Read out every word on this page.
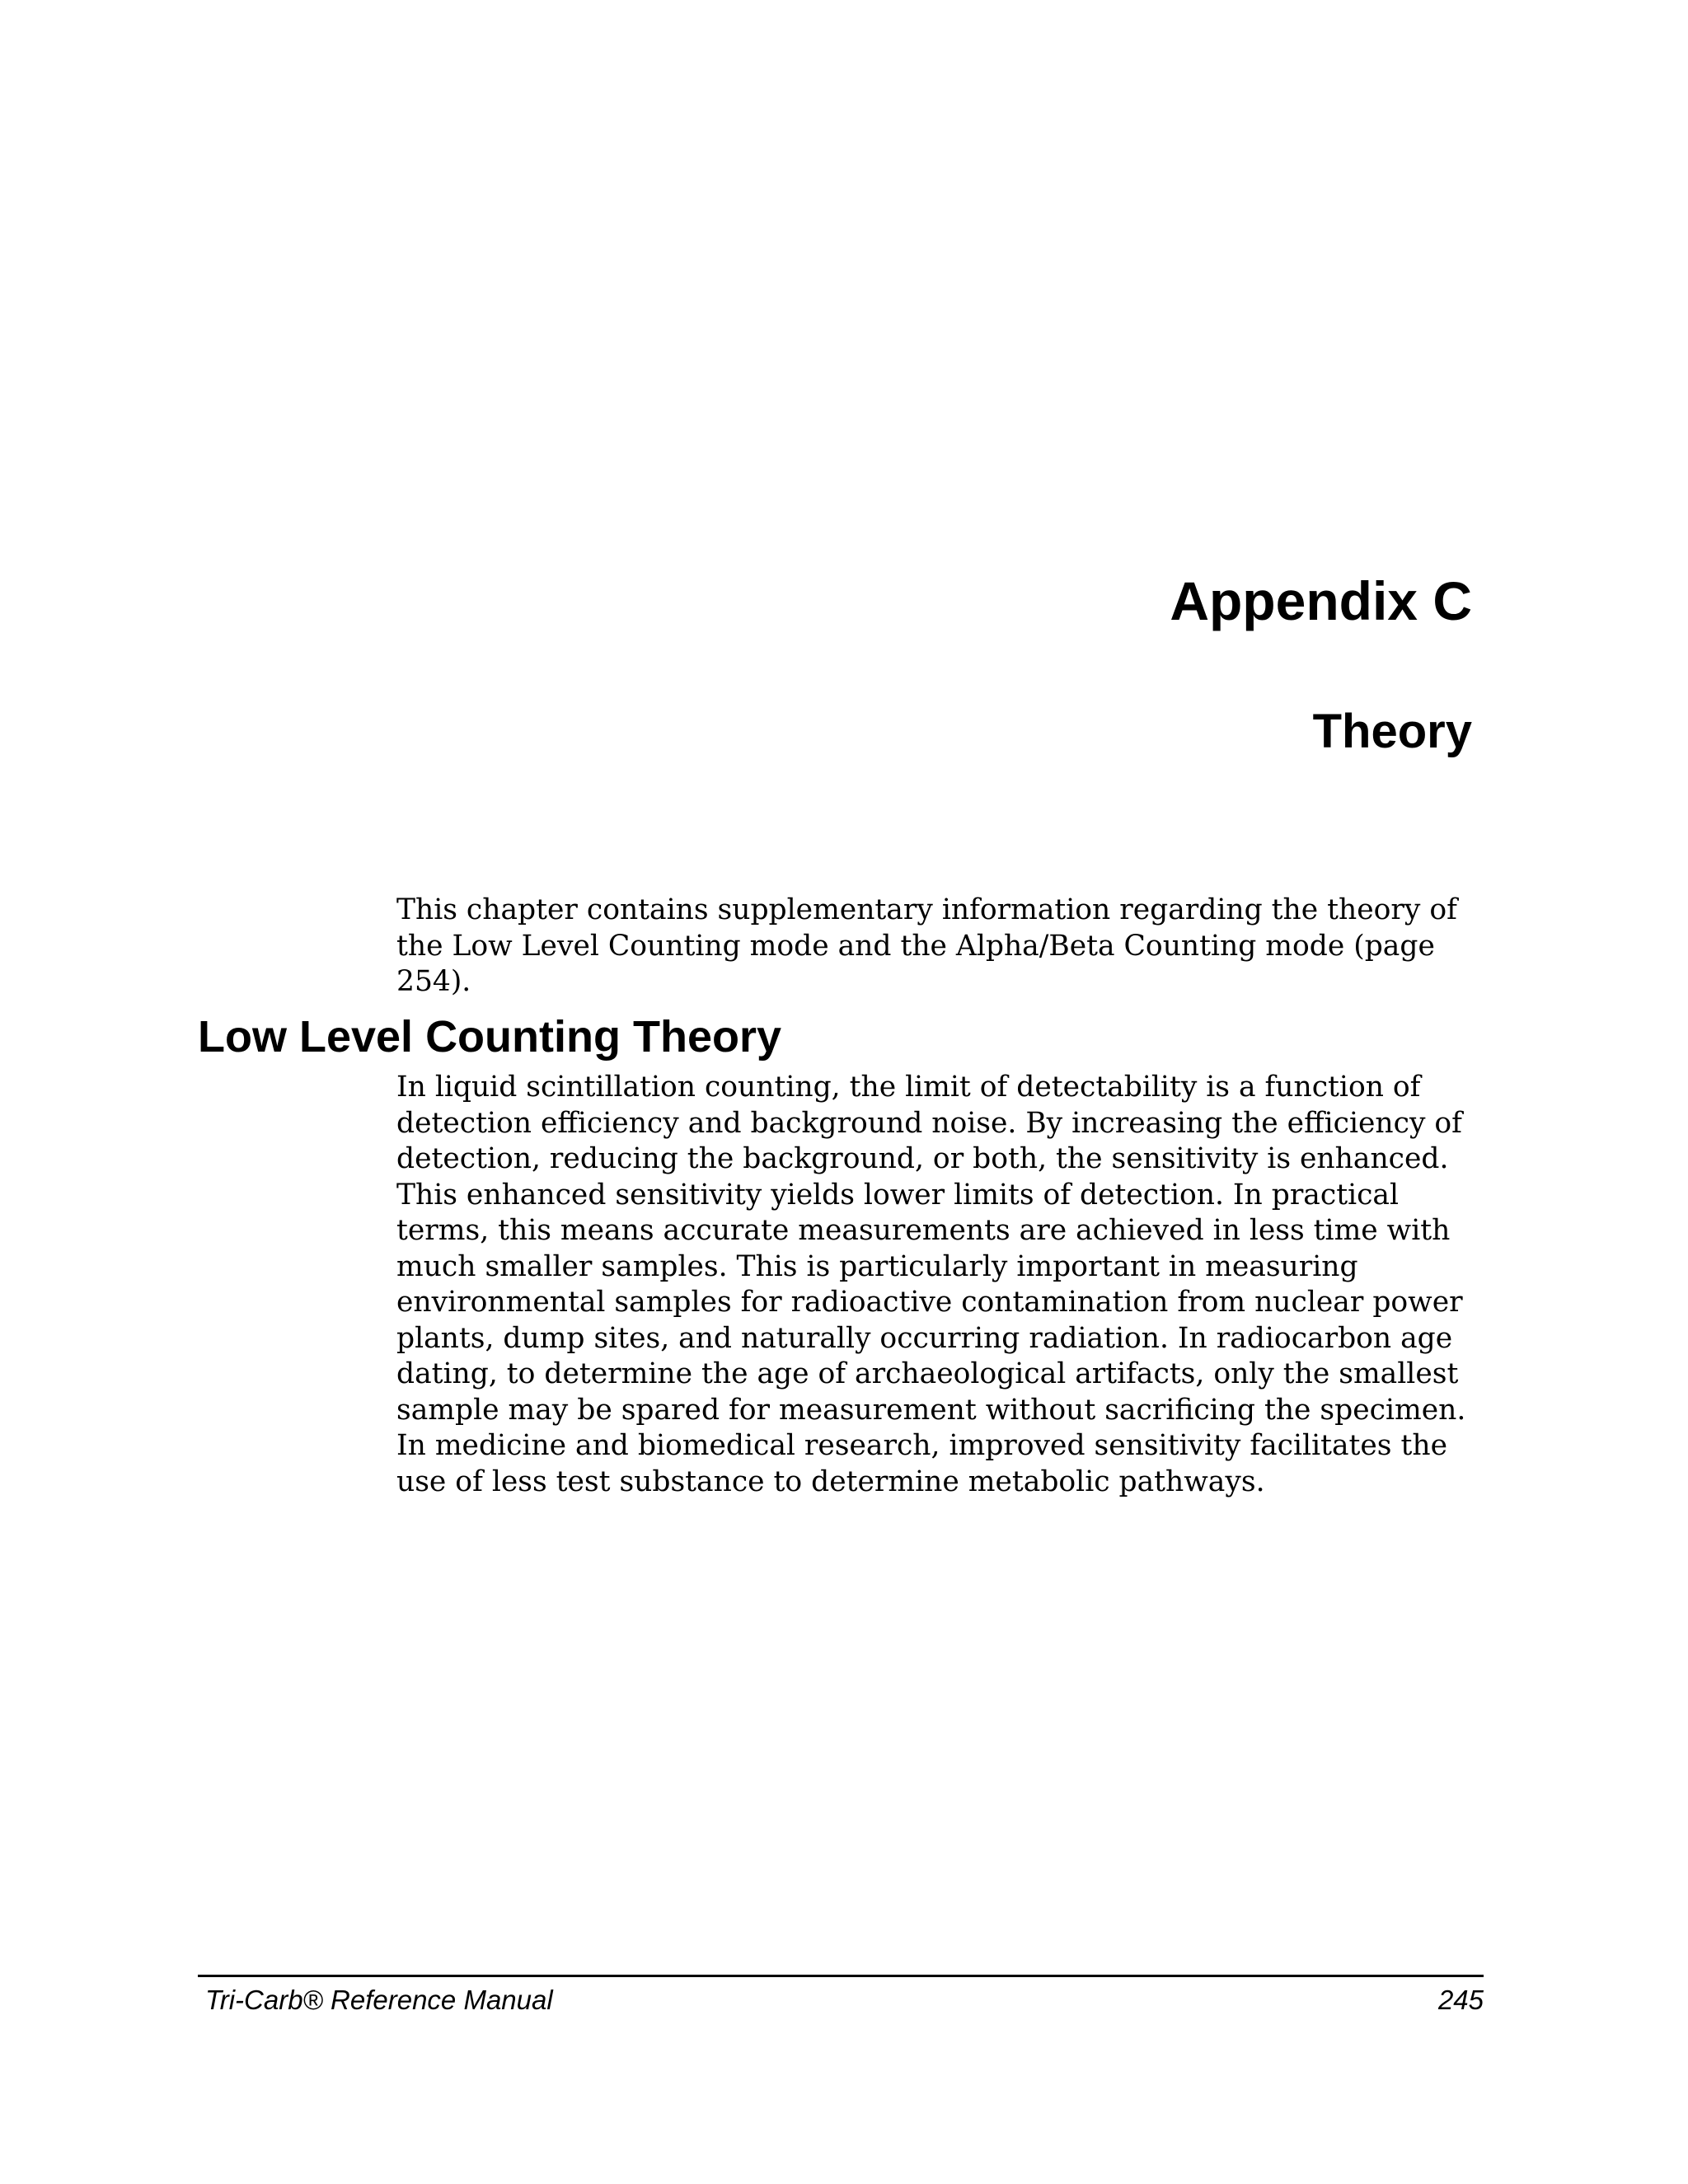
Appendix C
Theory

This chapter contains supplementary information regarding the theory of the Low Level Counting mode and the Alpha/Beta Counting mode (page 254).

Low Level Counting Theory

In liquid scintillation counting, the limit of detectability is a function of detection efficiency and background noise. By increasing the efficiency of detection, reducing the background, or both, the sensitivity is enhanced. This enhanced sensitivity yields lower limits of detection. In practical terms, this means accurate measurements are achieved in less time with much smaller samples. This is particularly important in measuring environmental samples for radioactive contamination from nuclear power plants, dump sites, and naturally occurring radiation. In radiocarbon age dating, to determine the age of archaeological artifacts, only the smallest sample may be spared for measurement without sacrificing the specimen. In medicine and biomedical research, improved sensitivity facilitates the use of less test substance to determine metabolic pathways.

Tri-Carb® Reference Manual	245
